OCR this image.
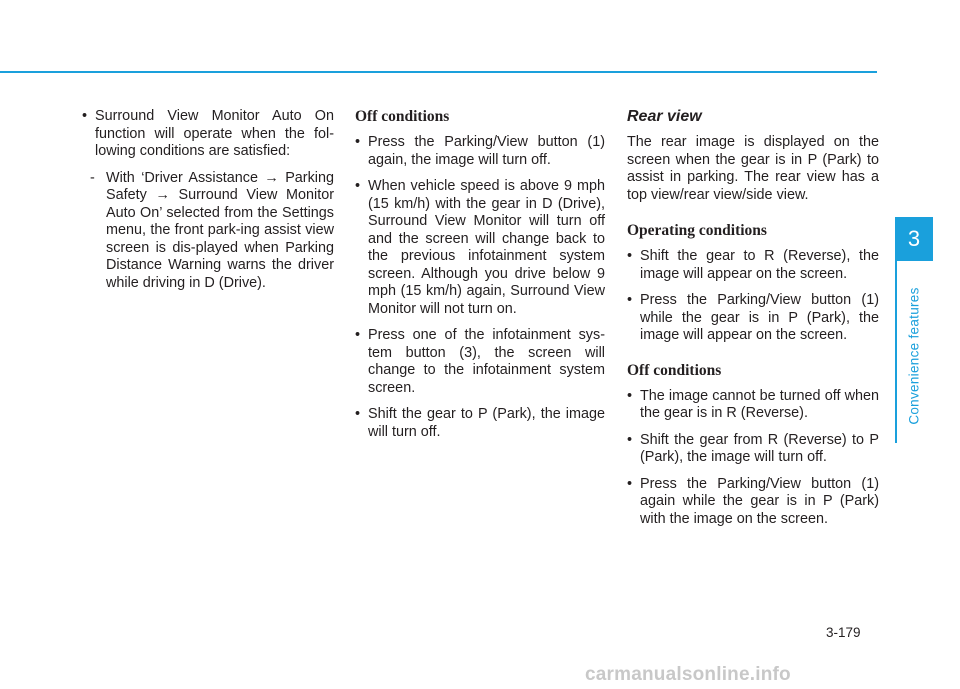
• Surround View Monitor Auto On function will operate when the fol-lowing conditions are satisfied:
- With ‘Driver Assistance → Parking Safety → Surround View Monitor Auto On’ selected from the Settings menu, the front park-ing assist view screen is dis-played when Parking Distance Warning warns the driver while driving in D (Drive).
Off conditions
• Press the Parking/View button (1) again, the image will turn off.
• When vehicle speed is above 9 mph (15 km/h) with the gear in D (Drive), Surround View Monitor will turn off and the screen will change back to the previous infotainment system screen. Although you drive below 9 mph (15 km/h) again, Surround View Monitor will not turn on.
• Press one of the infotainment sys-tem button (3), the screen will change to the infotainment system screen.
• Shift the gear to P (Park), the image will turn off.
Rear view
The rear image is displayed on the screen when the gear is in P (Park) to assist in parking. The rear view has a top view/rear view/side view.
Operating conditions
• Shift the gear to R (Reverse), the image will appear on the screen.
• Press the Parking/View button (1) while the gear is in P (Park), the image will appear on the screen.
Off conditions
• The image cannot be turned off when the gear is in R (Reverse).
• Shift the gear from R (Reverse) to P (Park), the image will turn off.
• Press the Parking/View button (1) again while the gear is in P (Park) with the image on the screen.
3
Convenience features
3-179
carmanualsonline.info
